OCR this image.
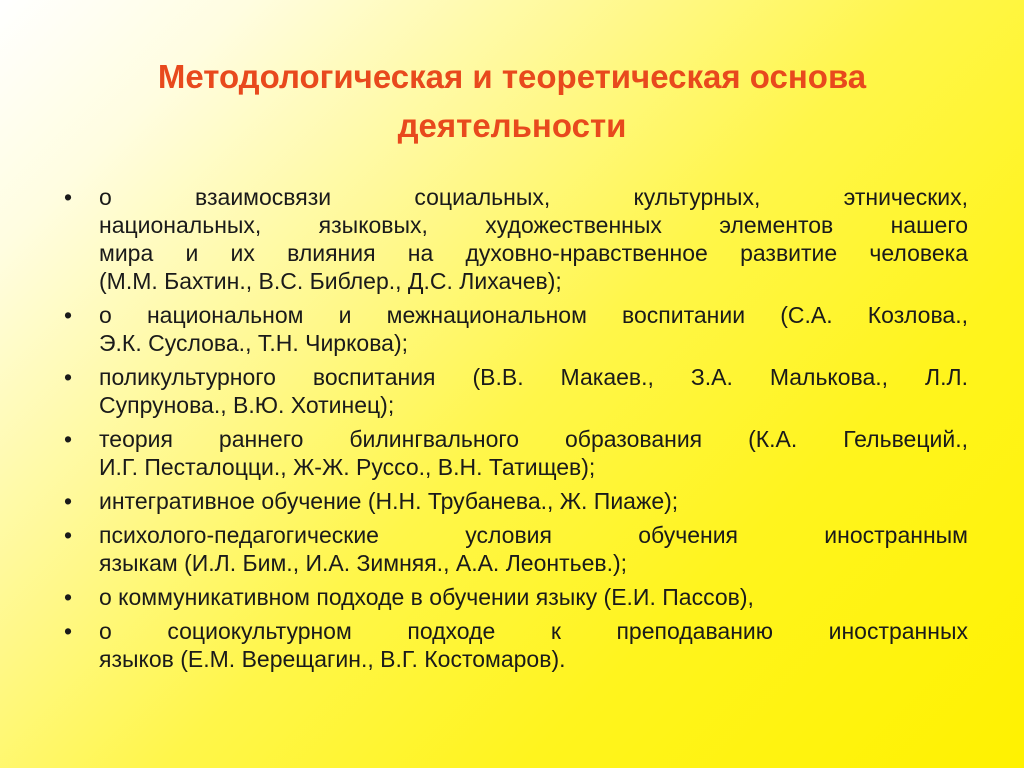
Методологическая и теоретическая основа
деятельности
• о взаимосвязи социальных, культурных, этнических,
национальных, языковых, художественных элементов нашего
мира и их влияния на духовно-нравственное развитие человека
(М.М. Бахтин., В.С. Библер., Д.С. Лихачев);
• о национальном и межнациональном воспитании (С.А. Козлова.,
Э.К. Суслова., Т.Н. Чиркова);
• поликультурного воспитания (В.В. Макаев., З.А. Малькова., Л.Л.
Супрунова., В.Ю. Хотинец);
• теория раннего билингвального образования (К.А. Гельвеций.,
И.Г. Песталоцци., Ж-Ж. Руссо., В.Н. Татищев);
• интегративное обучение (Н.Н. Трубанева., Ж. Пиаже);
• психолого-педагогические условия обучения иностранным
языкам (И.Л. Бим., И.А. Зимняя., А.А. Леонтьев.);
• о коммуникативном подходе в обучении языку (Е.И. Пассов),
• о социокультурном подходе к преподаванию иностранных
языков (Е.М. Верещагин., В.Г. Костомаров).
